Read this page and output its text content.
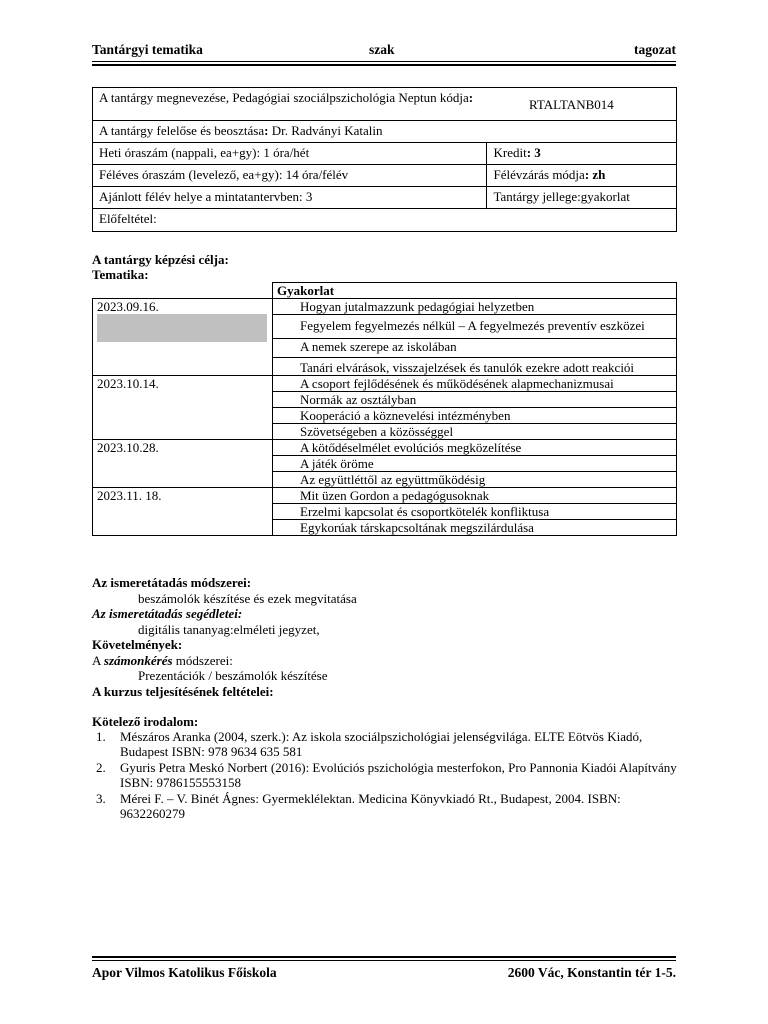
Tantárgyi tematika	szak	tagozat
A tantárgy megnevezése, Pedagógiai szociálpszichológia Neptun kódja:	RTALTANB014
A tantárgy felelőse és beosztása: Dr. Radványi Katalin	
Heti óraszám (nappali, ea+gy): 1 óra/hét	Kredit: 3
Féléves óraszám (levelező, ea+gy): 14 óra/félév	Félévzárás módja: zh
Ajánlott félév helye a mintatantervben: 3	Tantárgy jellege:gyakorlat
Előfeltétel:	
A tantárgy képzési célja:
Tematika:
	Gyakorlat

2023.09.16.	Hogyan jutalmazzunk pedagógiai helyzetben
	Fegyelem fegyelmezés nélkül – A fegyelmezés preventív eszközei
	A nemek szerepe az iskolában
	Tanári elvárások, visszajelzések és tanulók ezekre adott reakciói

2023.10.14.	A csoport fejlődésének és működésének alapmechanizmusai
	Normák az osztályban
	Kooperáció a köznevelési intézményben
	Szövetségeben a közösséggel

2023.10.28.	A kötődéselmélet evolúciós megközelítése
	A játék öröme
	Az együttléttől az együttműködésig

2023.11. 18.	Mit üzen Gordon a pedagógusoknak
	Erzelmi kapcsolat és csoportkötelék konfliktusa
	Egykorúak társkapcsoltának megszilárdulása
Az ismeretátadás módszerei:
beszámolók készítése és ezek megvitatása
Az ismeretátadás segédletei:
digitális tananyag:elméleti jegyzet,
Követelmények:
A számonkérés módszerei:
Prezentációk / beszámolók készítése
A kurzus teljesítésének feltételei:
Kötelező irodalom:
1. Mészáros Aranka (2004, szerk.): Az iskola szociálpszichológiai jelenségvilága. ELTE Eötvös Kiadó, Budapest ISBN: 978 9634 635 581
2. Gyuris Petra Meskó Norbert (2016): Evolúciós pszichológia mesterfokon, Pro Pannonia Kiadói Alapítvány ISBN: 9786155553158
3. Mérei F. – V. Binét Ágnes: Gyermeklélektan. Medicina Könyvkiadó Rt., Budapest, 2004. ISBN: 9632260279
Apor Vilmos Katolikus Főiskola	2600 Vác, Konstantin tér 1-5.
